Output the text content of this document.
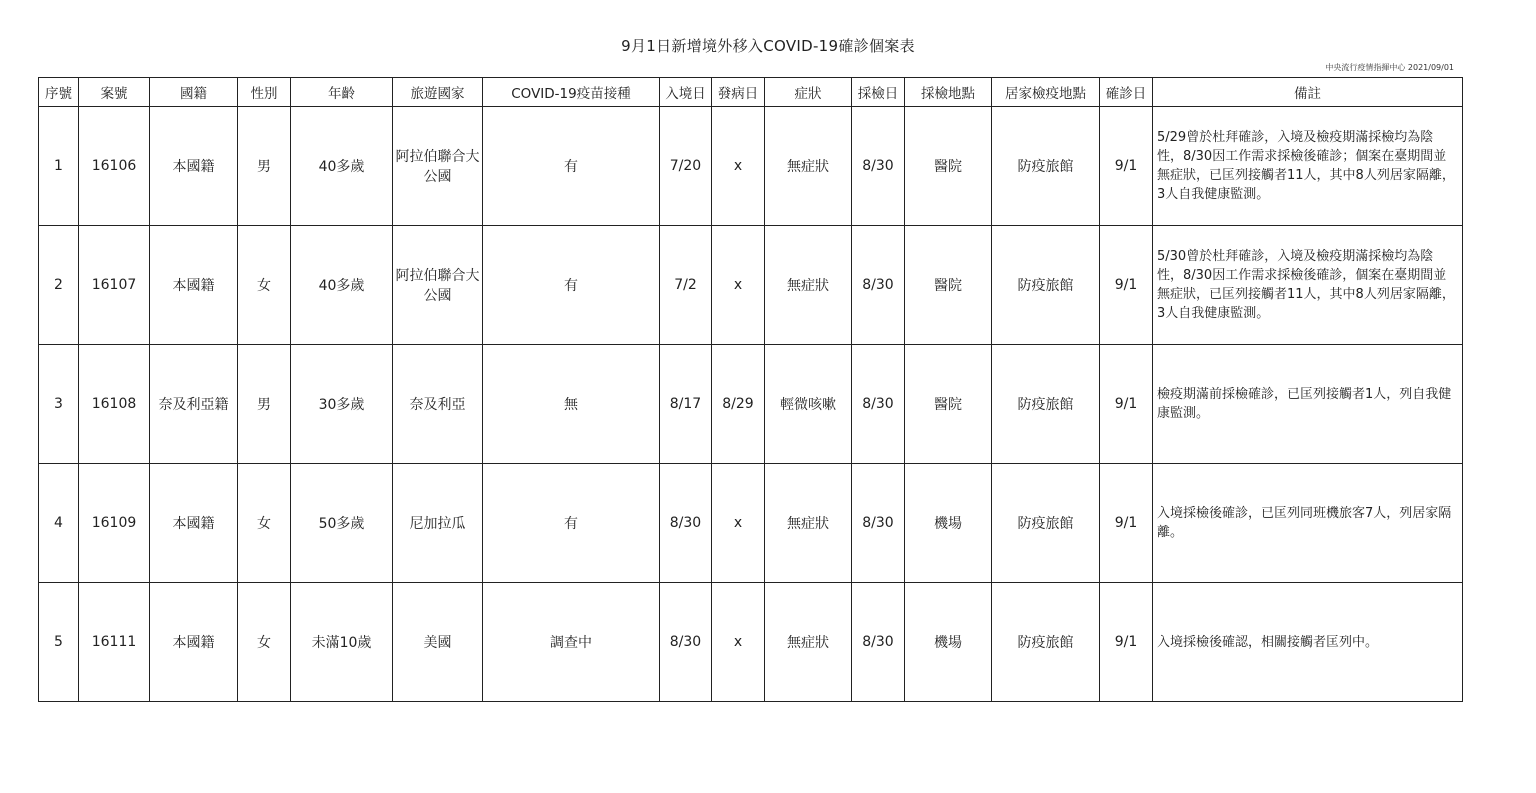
9月1日新增境外移入COVID-19確診個案表
中央流行疫情指揮中心 2021/09/01
序號	案號	國籍	性別	年齡	旅遊國家	COVID-19疫苗接種	入境日	發病日	症狀	採檢日	採檢地點	居家檢疫地點	確診日	備註
1	16106	本國籍	男	40多歲	阿拉伯聯合大公國	有	7/20	x	無症狀	8/30	醫院	防疫旅館	9/1	5/29曾於杜拜確診，入境及檢疫期滿採檢均為陰性，8/30因工作需求採檢後確診；個案在臺期間並無症狀，已匡列接觸者11人，其中8人列居家隔離，3人自我健康監測。
2	16107	本國籍	女	40多歲	阿拉伯聯合大公國	有	7/2	x	無症狀	8/30	醫院	防疫旅館	9/1	5/30曾於杜拜確診，入境及檢疫期滿採檢均為陰性，8/30因工作需求採檢後確診，個案在臺期間並無症狀，已匡列接觸者11人，其中8人列居家隔離，3人自我健康監測。
3	16108	奈及利亞籍	男	30多歲	奈及利亞	無	8/17	8/29	輕微咳嗽	8/30	醫院	防疫旅館	9/1	檢疫期滿前採檢確診，已匡列接觸者1人，列自我健康監測。
4	16109	本國籍	女	50多歲	尼加拉瓜	有	8/30	x	無症狀	8/30	機場	防疫旅館	9/1	入境採檢後確診，已匡列同班機旅客7人，列居家隔離。
5	16111	本國籍	女	未滿10歲	美國	調查中	8/30	x	無症狀	8/30	機場	防疫旅館	9/1	入境採檢後確認，相關接觸者匡列中。
